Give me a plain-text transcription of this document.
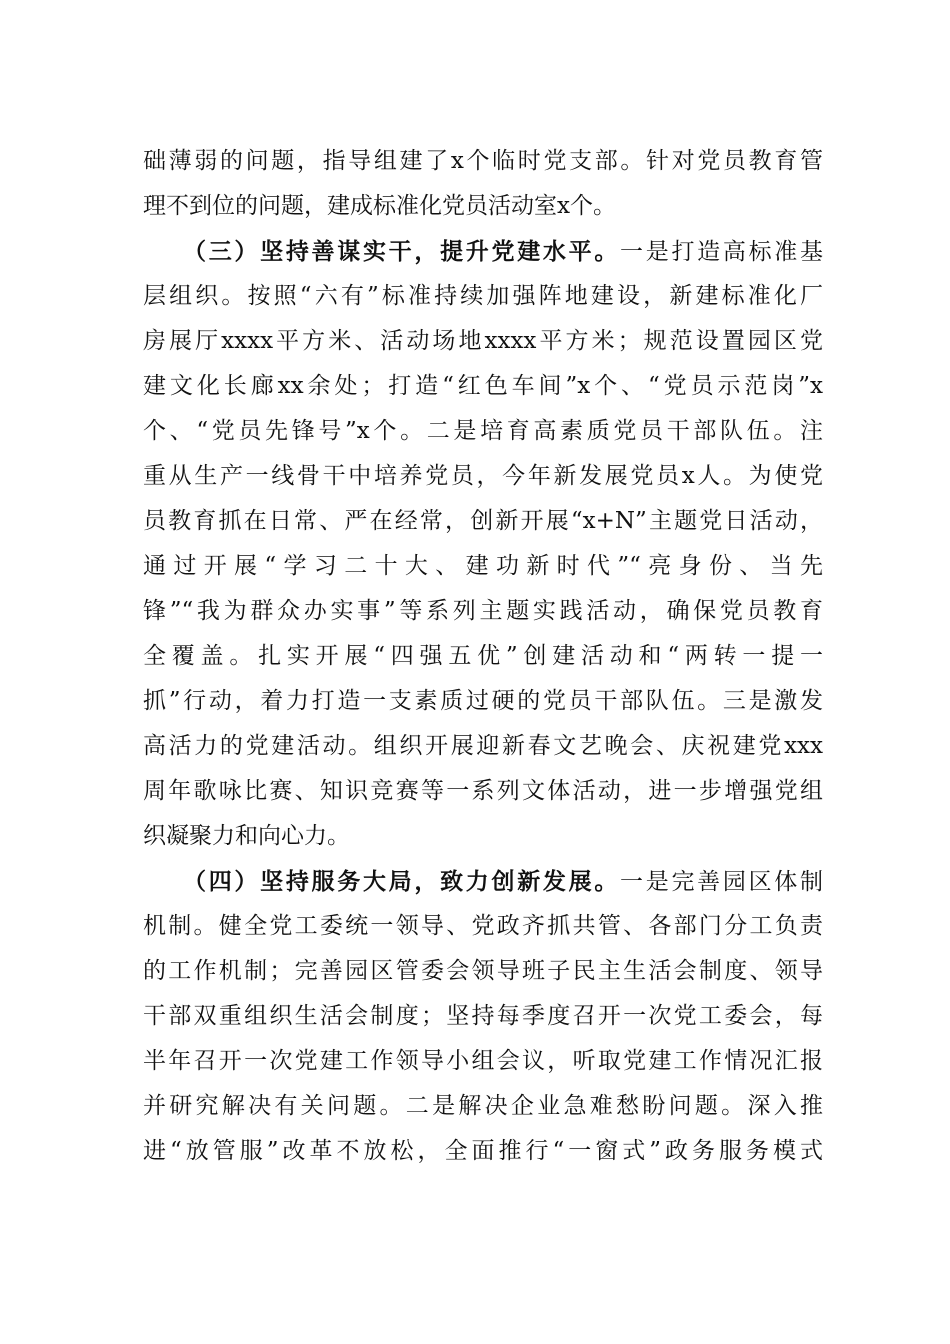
础薄弱的问题，指导组建了x个临时党支部。针对党员教育管
理不到位的问题，建成标准化党员活动室x个。
（三）坚持善谋实干，提升党建水平。一是打造高标准基
层组织。按照“六有”标准持续加强阵地建设，新建标准化厂
房展厅xxxx平方米、活动场地xxxx平方米；规范设置园区党
建文化长廊xx余处；打造“红色车间”x个、“党员示范岗”x
个、“党员先锋号”x个。二是培育高素质党员干部队伍。注
重从生产一线骨干中培养党员，今年新发展党员x人。为使党
员教育抓在日常、严在经常，创新开展“x+N”主题党日活动，
通过开展“学习二十大、建功新时代”“亮身份、当先
锋”“我为群众办实事”等系列主题实践活动，确保党员教育
全覆盖。扎实开展“四强五优”创建活动和“两转一提一
抓”行动，着力打造一支素质过硬的党员干部队伍。三是激发
高活力的党建活动。组织开展迎新春文艺晚会、庆祝建党xxx
周年歌咏比赛、知识竞赛等一系列文体活动，进一步增强党组
织凝聚力和向心力。
（四）坚持服务大局，致力创新发展。一是完善园区体制
机制。健全党工委统一领导、党政齐抓共管、各部门分工负责
的工作机制；完善园区管委会领导班子民主生活会制度、领导
干部双重组织生活会制度；坚持每季度召开一次党工委会，每
半年召开一次党建工作领导小组会议，听取党建工作情况汇报
并研究解决有关问题。二是解决企业急难愁盼问题。深入推
进“放管服”改革不放松，全面推行“一窗式”政务服务模式
